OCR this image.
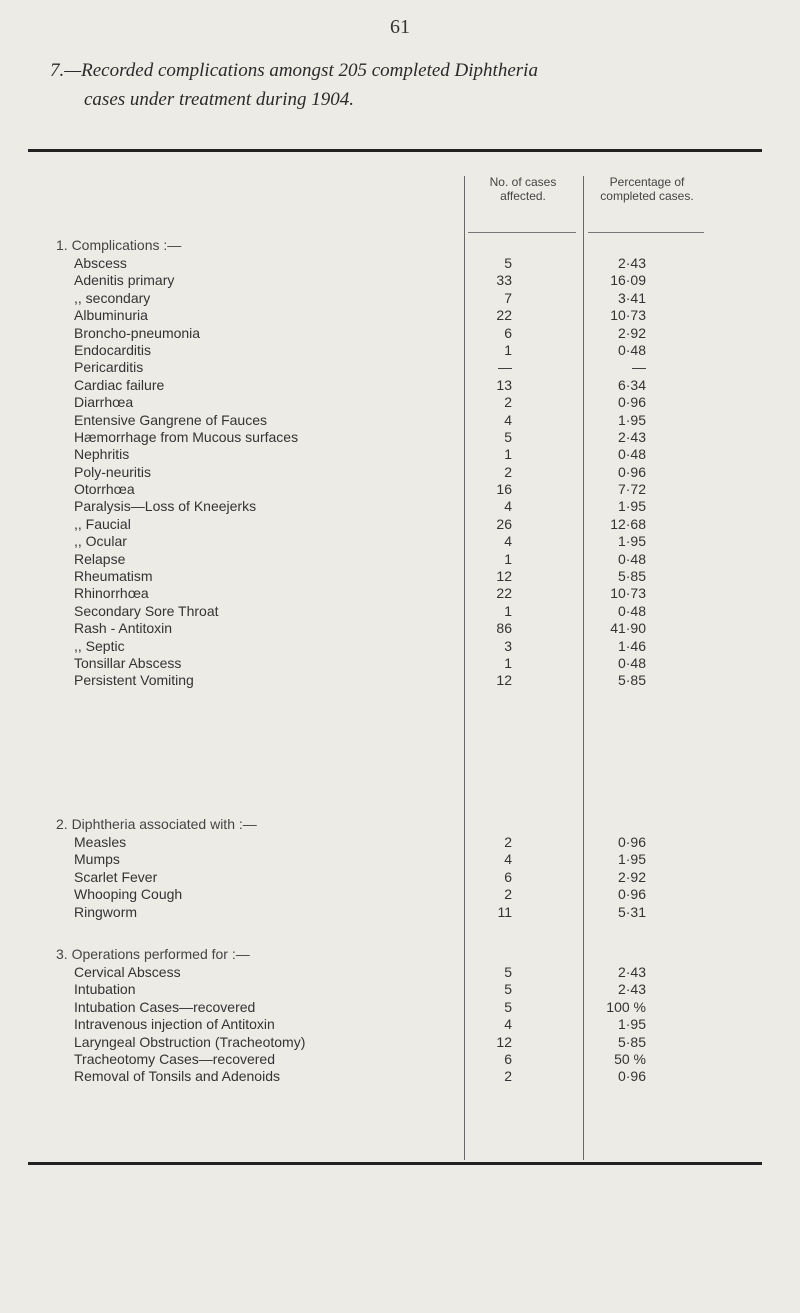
61
7.—Recorded complications amongst 205 completed Diphtheria
cases under treatment during 1904.
No. of cases affected.
Percentage of completed cases.
1. Complications :—
Abscess	5	2·43
Adenitis primary	33	16·09
,, secondary	7	3·41
Albuminuria	22	10·73
Broncho-pneumonia	6	2·92
Endocarditis	1	0·48
Pericarditis	—	—
Cardiac failure	13	6·34
Diarrhœa	2	0·96
Entensive Gangrene of Fauces	4	1·95
Hæmorrhage from Mucous surfaces	5	2·43
Nephritis	1	0·48
Poly-neuritis	2	0·96
Otorrhœa	16	7·72
Paralysis—Loss of Kneejerks	4	1·95
,, Faucial	26	12·68
,, Ocular	4	1·95
Relapse	1	0·48
Rheumatism	12	5·85
Rhinorrhœa	22	10·73
Secondary Sore Throat	1	0·48
Rash - Antitoxin	86	41·90
,, Septic	3	1·46
Tonsillar Abscess	1	0·48
Persistent Vomiting	12	5·85
2. Diphtheria associated with :—
Measles	2	0·96
Mumps	4	1·95
Scarlet Fever	6	2·92
Whooping Cough	2	0·96
Ringworm	11	5·31
3. Operations performed for :—
Cervical Abscess	5	2·43
Intubation	5	2·43
Intubation Cases—recovered	5	100 %
Intravenous injection of Antitoxin	4	1·95
Laryngeal Obstruction (Tracheotomy)	12	5·85
Tracheotomy Cases—recovered	6	50 %
Removal of Tonsils and Adenoids	2	0·96
